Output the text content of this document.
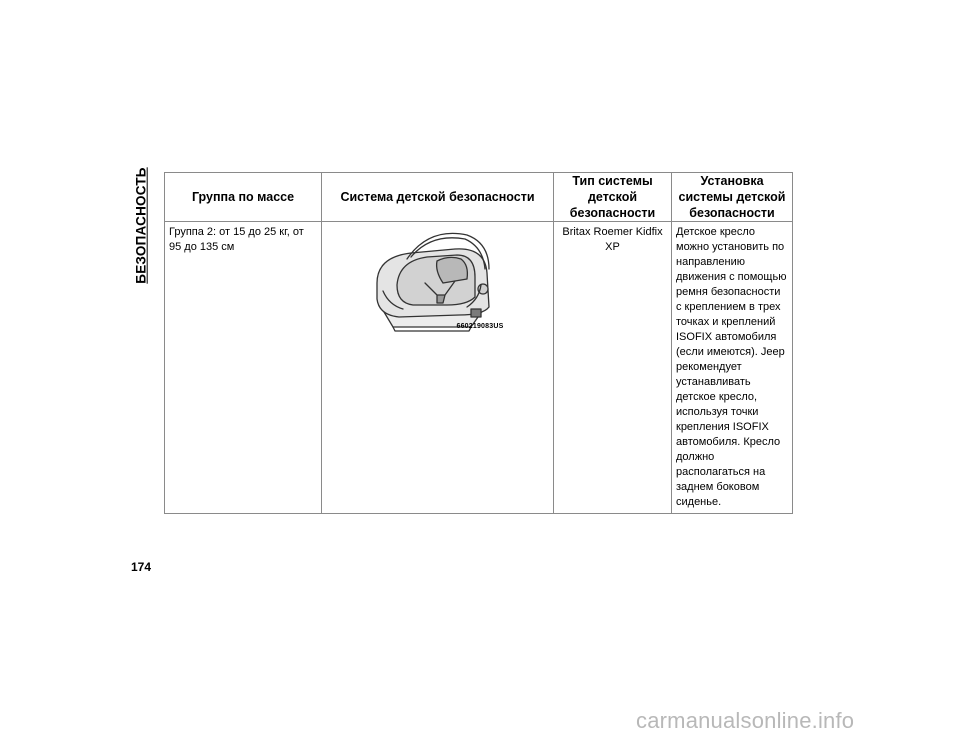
БЕЗОПАСНОСТЬ	Группа по массе	Система детской безопасности	Тип системы детской безопасности	Установка системы детской безопасности
Группа 2: от 15 до 25 кг, от 95 до 135 см	660219083US	Britax Roemer Kidfix XP	Детское кресло можно установить по направлению движения с помощью ремня безопасности с креплением в трех точках и креплений ISOFIX автомобиля (если имеются). Jeep рекомендует устанавливать детское кресло, используя точки крепления ISOFIX автомобиля. Кресло должно располагаться на заднем боковом сиденье.
174
carmanualsonline.info
